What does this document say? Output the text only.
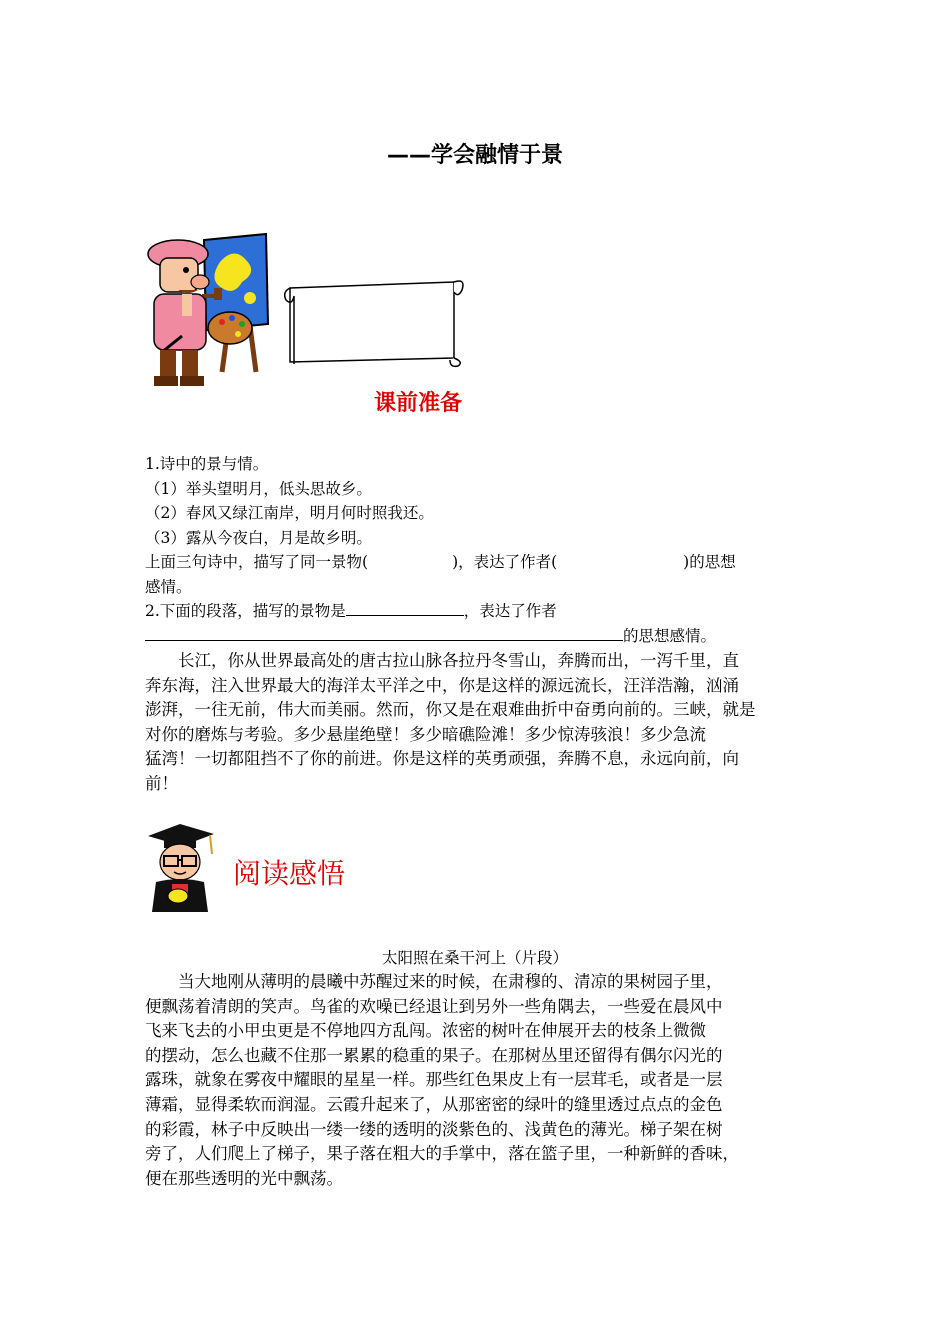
——学会融情于景
课前准备
1.诗中的景与情。
（1）举头望明月，低头思故乡。
（2）春风又绿江南岸，明月何时照我还。
（3）露从今夜白，月是故乡明。
上面三句诗中，描写了同一景物(	)，表达了作者(	)的思想
感情。
2.下面的段落，描写的景物是	，表达了作者
的思想感情。
长江，你从世界最高处的唐古拉山脉各拉丹冬雪山，奔腾而出，一泻千里，直
奔东海，注入世界最大的海洋太平洋之中，你是这样的源远流长，汪洋浩瀚，汹涌
澎湃，一往无前，伟大而美丽。然而，你又是在艰难曲折中奋勇向前的。三峡，就是
对你的磨炼与考验。多少悬崖绝壁！多少暗礁险滩！多少惊涛骇浪！多少急流
猛湾！一切都阻挡不了你的前进。你是这样的英勇顽强，奔腾不息，永远向前，向
前！
阅读感悟
太阳照在桑干河上（片段）
当大地刚从薄明的晨曦中苏醒过来的时候，在肃穆的、清凉的果树园子里，
便飘荡着清朗的笑声。鸟雀的欢噪已经退让到另外一些角隅去，一些爱在晨风中
飞来飞去的小甲虫更是不停地四方乱闯。浓密的树叶在伸展开去的枝条上微微
的摆动，怎么也藏不住那一累累的稳重的果子。在那树丛里还留得有偶尔闪光的
露珠，就象在雾夜中耀眼的星星一样。那些红色果皮上有一层茸毛，或者是一层
薄霜，显得柔软而润湿。云霞升起来了，从那密密的绿叶的缝里透过点点的金色
的彩霞，林子中反映出一缕一缕的透明的淡紫色的、浅黄色的薄光。梯子架在树
旁了，人们爬上了梯子，果子落在粗大的手掌中，落在篮子里，一种新鲜的香味，
便在那些透明的光中飘荡。
